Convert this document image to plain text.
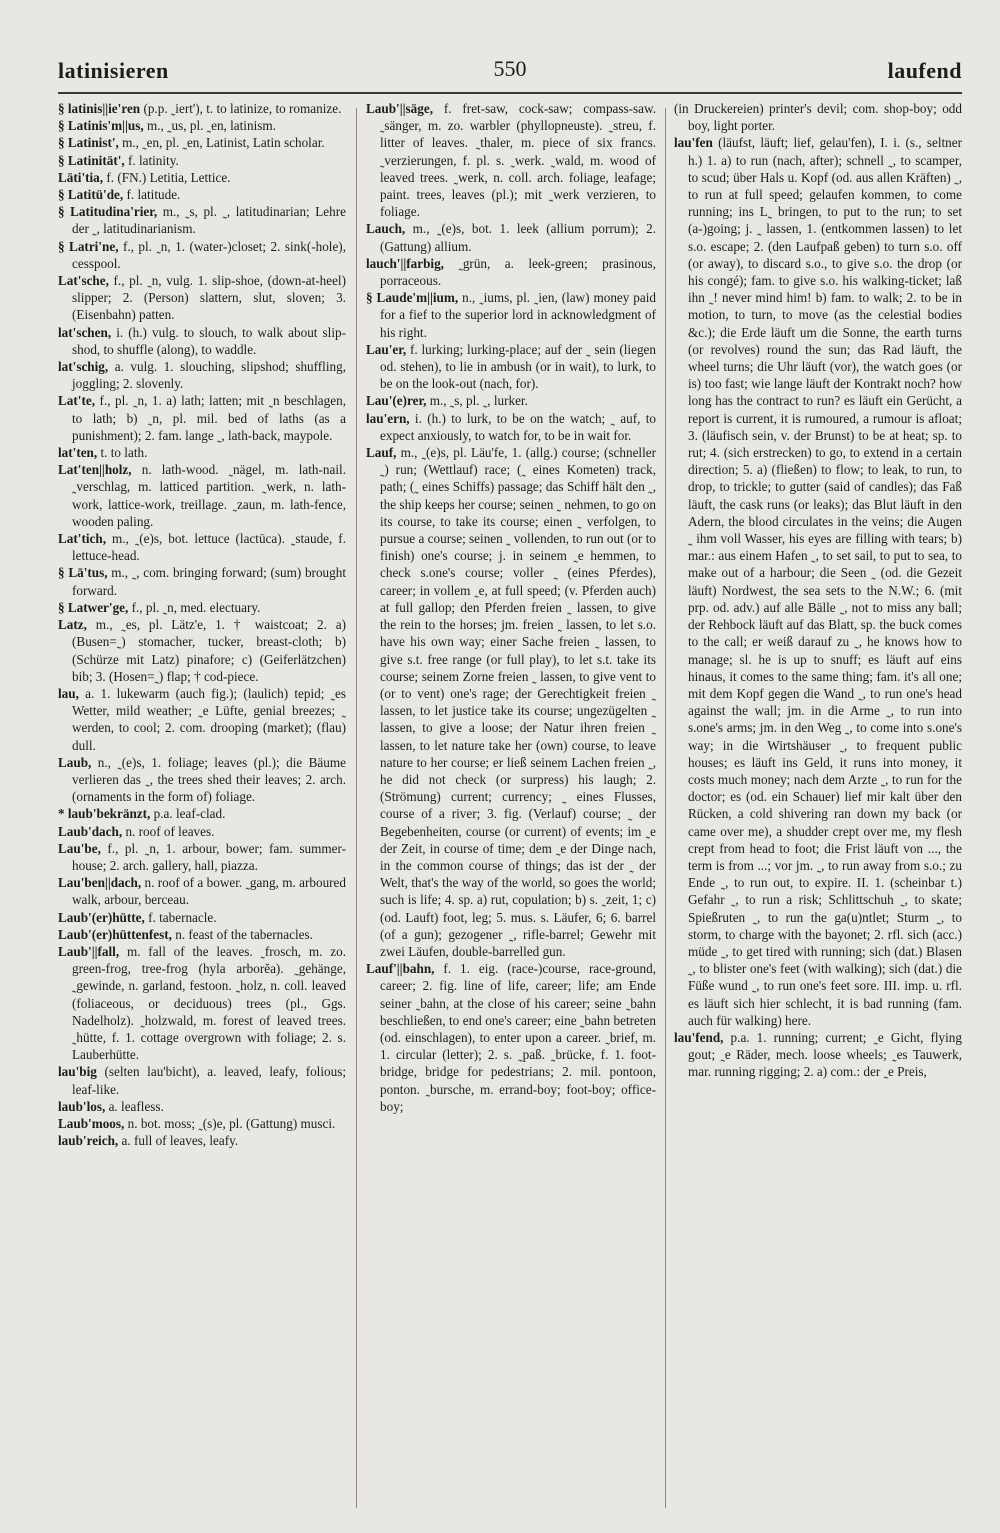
latinisieren	550	laufend
§ latinis||ie'ren (p.p. ˷iert'), t. to latinize, to romanize.
§ Latinis'm||us, m., ˷us, pl. ˷en, latinism.
§ Latinist', m., ˷en, pl. ˷en, Latinist, Latin scholar.
§ Latinität', f. latinity.
Läti'tia, f. (FN.) Letitia, Lettice.
§ Latitü'de, f. latitude.
§ Latitudina'rier, m., ˷s, pl. ˷, latitudinarian; Lehre der ˷, latitudinarianism.
§ Latri'ne, f., pl. ˷n, 1. (water-)closet; 2. sink(-hole), cesspool.
Lat'sche, f., pl. ˷n, vulg. 1. slip-shoe, (down-at-heel) slipper; 2. (Person) slattern, slut, sloven; 3. (Eisenbahn) patten.
lat'schen, i. (h.) vulg. to slouch, to walk about slip-shod, to shuffle (along), to waddle.
lat'schig, a. vulg. 1. slouching, slipshod; shuffling, joggling; 2. slovenly.
Lat'te, f., pl. ˷n, 1. a) lath; latten; mit ˷n beschlagen, to lath; b) ˷n, pl. mil. bed of laths (as a punishment); 2. fam. lange ˷, lath-back, maypole.
lat'ten, t. to lath.
Lat'ten||holz, n. lath-wood. ˷nägel, m. lath-nail. ˷verschlag, m. latticed partition. ˷werk, n. lath-work, lattice-work, treillage. ˷zaun, m. lath-fence, wooden paling.
Lat'tich, m., ˷(e)s, bot. lettuce (lactūca). ˷staude, f. lettuce-head.
§ Lā'tus, m., ˷, com. bringing forward; (sum) brought forward.
§ Latwer'ge, f., pl. ˷n, med. electuary.
Latz, m., ˷es, pl. Lätz'e, 1. † waistcoat; 2. a) (Busen=˷) stomacher, tucker, breast-cloth; b) (Schürze mit Latz) pinafore; c) (Geiferlätzchen) bib; 3. (Hosen=˷) flap; † cod-piece.
lau, a. 1. lukewarm (auch fig.); (laulich) tepid; ˷es Wetter, mild weather; ˷e Lüfte, genial breezes; ˷ werden, to cool; 2. com. drooping (market); (flau) dull.
Laub, n., ˷(e)s, 1. foliage; leaves (pl.); die Bäume verlieren das ˷, the trees shed their leaves; 2. arch. (ornaments in the form of) foliage.
* laub'bekränzt, p.a. leaf-clad.
Laub'dach, n. roof of leaves.
Lau'be, f., pl. ˷n, 1. arbour, bower; fam. summer-house; 2. arch. gallery, hall, piazza.
Lau'ben||dach, n. roof of a bower. ˷gang, m. arboured walk, arbour, berceau.
Laub'(er)hütte, f. tabernacle.
Laub'(er)hüttenfest, n. feast of the tabernacles.
Laub'||fall, m. fall of the leaves. ˷frosch, m. zo. green-frog, tree-frog (hyla arborĕa). ˷gehänge, ˷gewinde, n. garland, festoon. ˷holz, n. coll. leaved (foliaceous, or deciduous) trees (pl., Ggs. Nadelholz). ˷holzwald, m. forest of leaved trees. ˷hütte, f. 1. cottage overgrown with foliage; 2. s. Lauberhütte.
lau'big (selten lau'bicht), a. leaved, leafy, folious; leaf-like.
laub'los, a. leafless.
Laub'moos, n. bot. moss; ˷(s)e, pl. (Gattung) musci.
laub'reich, a. full of leaves, leafy.
Laub'||säge, f. fret-saw, cock-saw; compass-saw. ˷sänger, m. zo. warbler (phyllopneuste). ˷streu, f. litter of leaves. ˷thaler, m. piece of six francs. ˷verzierungen, f. pl. s. ˷werk. ˷wald, m. wood of leaved trees. ˷werk, n. coll. arch. foliage, leafage; paint. trees, leaves (pl.); mit ˷werk verzieren, to foliage.
Lauch, m., ˷(e)s, bot. 1. leek (allium porrum); 2. (Gattung) allium.
lauch'||farbig, ˷grün, a. leek-green; prasinous, porraceous.
§ Laude'm||ium, n., ˷iums, pl. ˷ien, (law) money paid for a fief to the superior lord in acknowledgment of his right.
Lau'er, f. lurking; lurking-place; auf der ˷ sein (liegen od. stehen), to lie in ambush (or in wait), to lurk, to be on the look-out (nach, for).
Lau'(e)rer, m., ˷s, pl. ˷, lurker.
lau'ern, i. (h.) to lurk, to be on the watch; ˷ auf, to expect anxiously, to watch for, to be in wait for.
Lauf, m., ˷(e)s, pl. Läu'fe, 1. (allg.) course; (schneller ˷) run; (Wettlauf) race; (˷ eines Kometen) track, path; (˷ eines Schiffs) passage; das Schiff hält den ˷, the ship keeps her course; seinen ˷ nehmen, to go on its course, to take its course; einen ˷ verfolgen, to pursue a course; seinen ˷ vollenden, to run out (or to finish) one's course; j. in seinem ˷e hemmen, to check s.one's course; voller ˷ (eines Pferdes), career; in vollem ˷e, at full speed; (v. Pferden auch) at full gallop; den Pferden freien ˷ lassen, to give the rein to the horses; jm. freien ˷ lassen, to let s.o. have his own way; einer Sache freien ˷ lassen, to give s.t. free range (or full play), to let s.t. take its course; seinem Zorne freien ˷ lassen, to give vent to (or to vent) one's rage; der Gerechtigkeit freien ˷ lassen, to let justice take its course; ungezügelten ˷ lassen, to give a loose; der Natur ihren freien ˷ lassen, to let nature take her (own) course, to leave nature to her course; er ließ seinem Lachen freien ˷, he did not check (or surpress) his laugh; 2. (Strömung) current; currency; ˷ eines Flusses, course of a river; 3. fig. (Verlauf) course; ˷ der Begebenheiten, course (or current) of events; im ˷e der Zeit, in course of time; dem ˷e der Dinge nach, in the common course of things; das ist der ˷ der Welt, that's the way of the world, so goes the world; such is life; 4. sp. a) rut, copulation; b) s. ˷zeit, 1; c) (od. Lauft) foot, leg; 5. mus. s. Läufer, 6; 6. barrel (of a gun); gezogener ˷, rifle-barrel; Gewehr mit zwei Läufen, double-barrelled gun.
Lauf'||bahn, f. 1. eig. (race-)course, race-ground, career; 2. fig. line of life, career; life; am Ende seiner ˷bahn, at the close of his career; seine ˷bahn beschließen, to end one's career; eine ˷bahn betreten (od. einschlagen), to enter upon a career. ˷brief, m. 1. circular (letter); 2. s. ˷paß. ˷brücke, f. 1. foot-bridge, bridge for pedestrians; 2. mil. pontoon, ponton. ˷bursche, m. errand-boy; foot-boy; office-boy;
(in Druckereien) printer's devil; com. shop-boy; odd boy, light porter.
lau'fen (läufst, läuft; lief, gelau'fen), I. i. (s., seltner h.) 1. a) to run (nach, after); schnell ˷, to scamper, to scud; über Hals u. Kopf (od. aus allen Kräften) ˷, to run at full speed; gelaufen kommen, to come running; ins L˷ bringen, to put to the run; to set (a-)going; j. ˷ lassen, 1. (entkommen lassen) to let s.o. escape; 2. (den Laufpaß geben) to turn s.o. off (or away), to discard s.o., to give s.o. the drop (or his congé); fam. to give s.o. his walking-ticket; laß ihn ˷! never mind him! b) fam. to walk; 2. to be in motion, to turn, to move (as the celestial bodies &c.); die Erde läuft um die Sonne, the earth turns (or revolves) round the sun; das Rad läuft, the wheel turns; die Uhr läuft (vor), the watch goes (or is) too fast; wie lange läuft der Kontrakt noch? how long has the contract to run? es läuft ein Gerücht, a report is current, it is rumoured, a rumour is afloat; 3. (läufisch sein, v. der Brunst) to be at heat; sp. to rut; 4. (sich erstrecken) to go, to extend in a certain direction; 5. a) (fließen) to flow; to leak, to run, to drop, to trickle; to gutter (said of candles); das Faß läuft, the cask runs (or leaks); das Blut läuft in den Adern, the blood circulates in the veins; die Augen ˷ ihm voll Wasser, his eyes are filling with tears; b) mar.: aus einem Hafen ˷, to set sail, to put to sea, to make out of a harbour; die Seen ˷ (od. die Gezeit läuft) Nordwest, the sea sets to the N.W.; 6. (mit prp. od. adv.) auf alle Bälle ˷, not to miss any ball; der Rehbock läuft auf das Blatt, sp. the buck comes to the call; er weiß darauf zu ˷, he knows how to manage; sl. he is up to snuff; es läuft auf eins hinaus, it comes to the same thing; fam. it's all one; mit dem Kopf gegen die Wand ˷, to run one's head against the wall; jm. in die Arme ˷, to run into s.one's arms; jm. in den Weg ˷, to come into s.one's way; in die Wirtshäuser ˷, to frequent public houses; es läuft ins Geld, it runs into money, it costs much money; nach dem Arzte ˷, to run for the doctor; es (od. ein Schauer) lief mir kalt über den Rücken, a cold shivering ran down my back (or came over me), a shudder crept over me, my flesh crept from head to foot; die Frist läuft von ..., the term is from ...; vor jm. ˷, to run away from s.o.; zu Ende ˷, to run out, to expire. II. 1. (scheinbar t.) Gefahr ˷, to run a risk; Schlittschuh ˷, to skate; Spießruten ˷, to run the ga(u)ntlet; Sturm ˷, to storm, to charge with the bayonet; 2. rfl. sich (acc.) müde ˷, to get tired with running; sich (dat.) Blasen ˷, to blister one's feet (with walking); sich (dat.) die Füße wund ˷, to run one's feet sore. III. imp. u. rfl. es läuft sich hier schlecht, it is bad running (fam. auch für walking) here.
lau'fend, p.a. 1. running; current; ˷e Gicht, flying gout; ˷e Räder, mech. loose wheels; ˷es Tauwerk, mar. running rigging; 2. a) com.: der ˷e Preis,
